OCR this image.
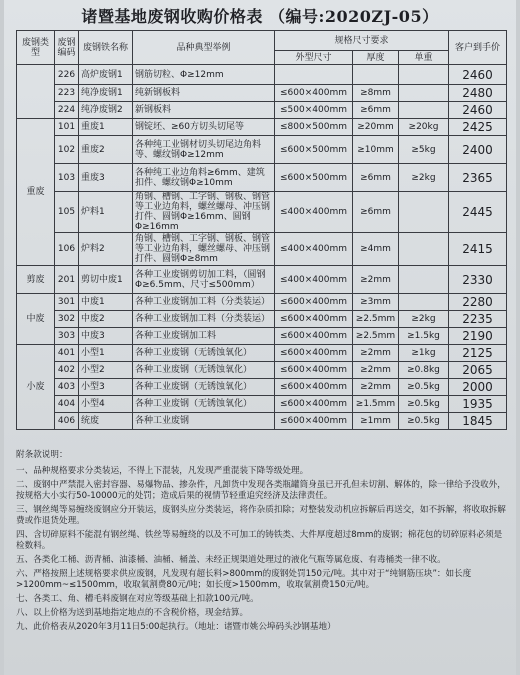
诸暨基地废钢收购价格表 （编号:2020ZJ-05）
废钢类型	废钢编码	废钢铁名称	品种典型举例	规格尺寸要求			客户到手价
				外型尺寸	厚度	单重	
	226	高炉废钢1	钢筋切粒、Φ≥12mm				2460
	223	纯净废钢1	纯新钢板料	≤600×400mm	≥8mm		2480
	224	纯净废钢2	新钢板料	≤500×400mm	≥6mm		2460
重废	101	重废1	钢锭坯、≥60方切头切尾等	≤800×500mm	≥20mm	≥20kg	2425
	102	重废2	各种纯工业钢材切头切尾边角料等、螺纹钢Φ≥12mm	≤600×500mm	≥10mm	≥5kg	2400
	103	重废3	各种纯工业边角料≥6mm、建筑扣件、螺纹钢Φ≥10mm	≤600×500mm	≥6mm	≥2kg	2365
	105	炉料1	角钢、槽钢、工字钢、钢板、钢管等工业边角料，螺丝螺母、冲压钢打件、圆钢Φ≥16mm、圆钢Φ≥16mm	≤400×400mm	≥6mm		2445
	106	炉料2	角钢、槽钢、工字钢、钢板、钢管等工业边角料，螺丝螺母、冲压钢打件、圆钢Φ≥8mm	≤400×400mm	≥4mm		2415
剪废	201	剪切中废1	各种工业废钢剪切加工料，（圆钢Φ≥6.5mm、尺寸≤500mm）	≤400×400mm	≥2mm		2330
中废	301	中废1	各种工业废钢加工料（分类装运）	≤600×400mm	≥3mm		2280
	302	中废2	各种工业废钢加工料（分类装运）	≤600×400mm	≥2.5mm	≥2kg	2235
	303	中废3	各种工业废钢加工料	≤600×400mm	≥2.5mm	≥1.5kg	2190
小废	401	小型1	各种工业废钢（无锈蚀氧化）	≤600×400mm	≥2mm	≥1kg	2125
	402	小型2	各种工业废钢（无锈蚀氧化）	≤600×400mm	≥2mm	≥0.8kg	2065
	403	小型3	各种工业废钢（无锈蚀氧化）	≤600×400mm	≥2mm	≥0.5kg	2000
	404	小型4	各种工业废钢（无锈蚀氧化）	≤600×400mm	≥1.5mm	≥0.5kg	1935
	406	统废	各种工业废钢	≤600×400mm	≥1mm	≥0.5kg	1845

附条款说明：

一、品种规格要求分类装运，不得上下混装，凡发现严重混装下降等级处理。

二、废钢中严禁混入密封容器、易爆物品、掺杂件，凡卸货中发现各类瓶罐筒身虽已开孔但未切割、解体的，除一律给予没收外，按规格大小实行50-10000元的处罚；造成后果的视情节轻重追究经济及法律责任。

三、钢丝绳等易缠绕废钢应分开装运，废钢头应分类装运，将作杂质扣除；对整装发动机应拆解后再送交，如不拆解，将收取拆解费或作退货处理。

四、含切碎原料不能混有钢丝绳、铁丝等易缠绕的以及不可加工的铸铁类、大件厚度超过8mm的废钢；棉花包的切碎原料必须是检数料。

五、各类化工桶、沥青桶、油漆桶、油桶、桶盖、未经正规渠道处理过的液化气瓶等属危废、有毒桶类一律不收。

六、严格按照上述规格要求供应废钢，凡发现有超长料>800mm的废钢处罚150元/吨。其中对于“纯钢筋压块”：如长度>1200mm~≤1500mm，收取氧割费80元/吨；如长度>1500mm，收取氧割费150元/吨。

七、各类工、角、槽毛料废钢在对应等级基础上扣款100元/吨。

八、以上价格为送到基地指定地点的不含税价格，现金结算。

九、此价格表从2020年3月11日5:00起执行。（地址：诸暨市姚公埠码头沙钢基地）
